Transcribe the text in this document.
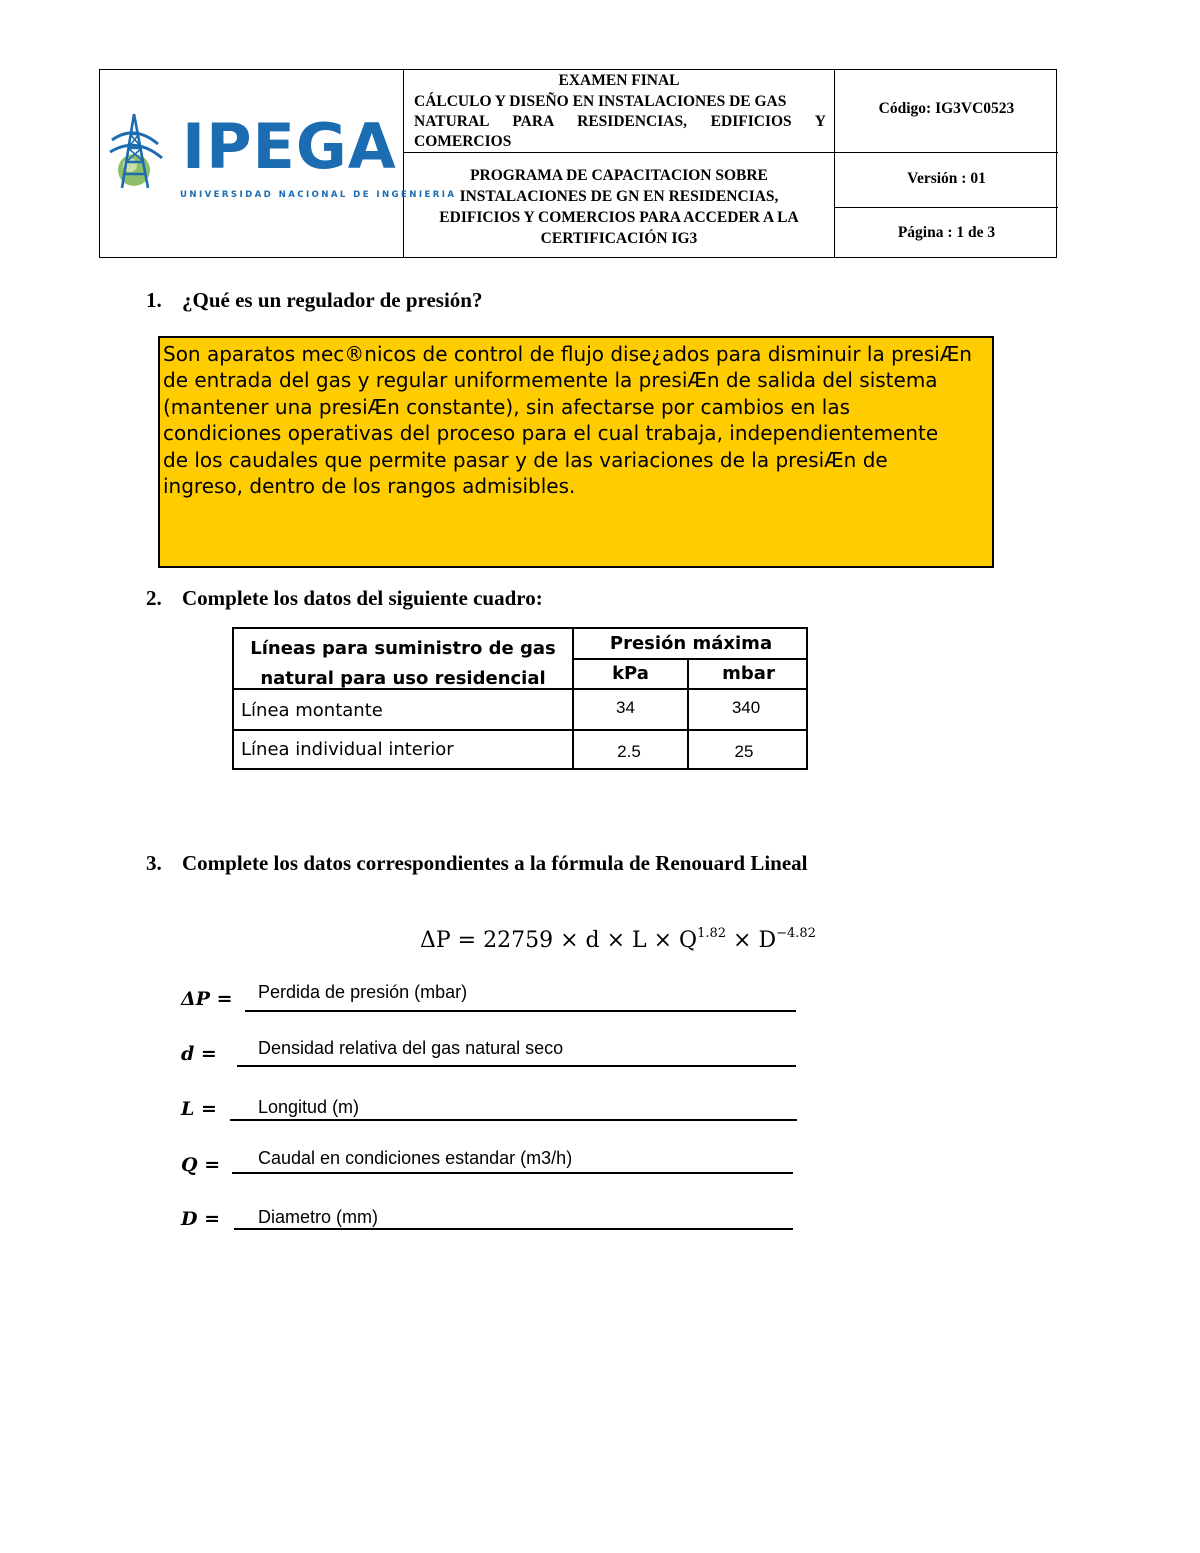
IPEGA
UNIVERSIDAD NACIONAL DE INGENIERIA
EXAMEN FINAL
CÁLCULO Y DISEÑO EN INSTALACIONES DE GAS
NATURAL PARA RESIDENCIAS, EDIFICIOS Y
COMERCIOS
PROGRAMA DE CAPACITACION SOBRE
INSTALACIONES DE GN EN RESIDENCIAS,
EDIFICIOS Y COMERCIOS PARA ACCEDER A LA
CERTIFICACIÓN IG3
Código: IG3VC0523
Versión : 01
Página : 1 de 3
1. ¿Qué es un regulador de presión?
Son aparatos mec®nicos de control de flujo dise¿ados para disminuir la presiÆn
de entrada del gas y regular uniformemente la presiÆn de salida del sistema
(mantener una presiÆn constante), sin afectarse por cambios en las
condiciones operativas del proceso para el cual trabaja, independientemente
de los caudales que permite pasar y de las variaciones de la presiÆn de
ingreso, dentro de los rangos admisibles.
2. Complete los datos del siguiente cuadro:
Líneas para suministro de gas
natural para uso residencial
Presión máxima
kPa	mbar
Línea montante	34	340
Línea individual interior	2.5	25
3. Complete los datos correspondientes a la fórmula de Renouard Lineal
$\Delta P = 22759 \times d \times L \times Q^{1.82} \times D^{-4.82}$
ΔP = Perdida de presión (mbar)
d = Densidad relativa del gas natural seco
L = Longitud (m)
Q = Caudal en condiciones estandar (m3/h)
D = Diametro (mm)
